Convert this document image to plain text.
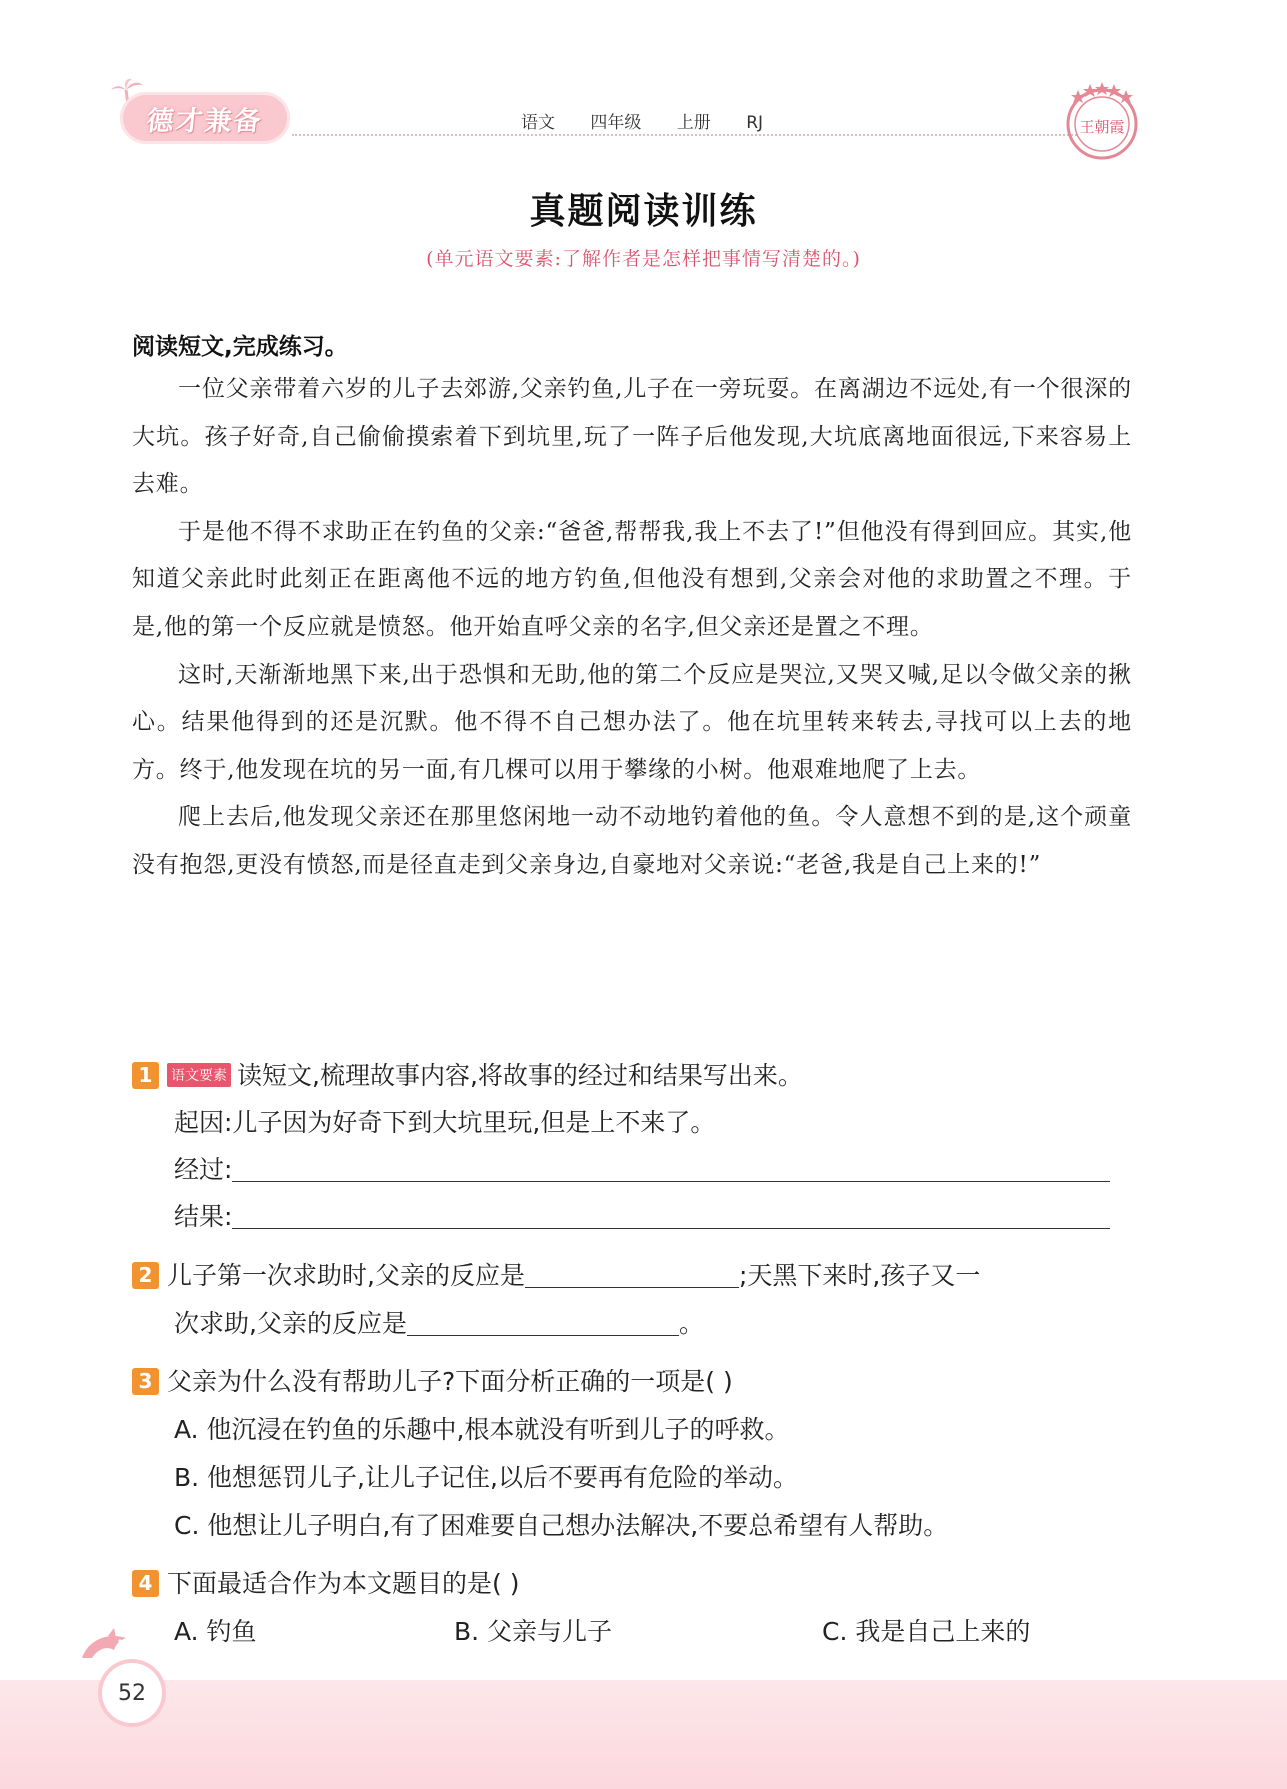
德才兼备	语文 四年级 上册 RJ	王朝霞
真题阅读训练
(单元语文要素:了解作者是怎样把事情写清楚的。)
阅读短文,完成练习。

一位父亲带着六岁的儿子去郊游,父亲钓鱼,儿子在一旁玩耍。在离湖边不远处,有一个很深的大坑。孩子好奇,自己偷偷摸索着下到坑里,玩了一阵子后他发现,大坑底离地面很远,下来容易上去难。

于是他不得不求助正在钓鱼的父亲:“爸爸,帮帮我,我上不去了!”但他没有得到回应。其实,他知道父亲此时此刻正在距离他不远的地方钓鱼,但他没有想到,父亲会对他的求助置之不理。于是,他的第一个反应就是愤怒。他开始直呼父亲的名字,但父亲还是置之不理。

这时,天渐渐地黑下来,出于恐惧和无助,他的第二个反应是哭泣,又哭又喊,足以令做父亲的揪心。结果他得到的还是沉默。他不得不自己想办法了。他在坑里转来转去,寻找可以上去的地方。终于,他发现在坑的另一面,有几棵可以用于攀缘的小树。他艰难地爬了上去。

爬上去后,他发现父亲还在那里悠闲地一动不动地钓着他的鱼。令人意想不到的是,这个顽童没有抱怨,更没有愤怒,而是径直走到父亲身边,自豪地对父亲说:“老爸,我是自己上来的!”

1 语文要素 读短文,梳理故事内容,将故事的经过和结果写出来。
起因:儿子因为好奇下到大坑里玩,但是上不来了。
经过:
结果:
2 儿子第一次求助时,父亲的反应是	;天黑下来时,孩子又一
次求助,父亲的反应是	。
3 父亲为什么没有帮助儿子?下面分析正确的一项是( )
A. 他沉浸在钓鱼的乐趣中,根本就没有听到儿子的呼救。
B. 他想惩罚儿子,让儿子记住,以后不要再有危险的举动。
C. 他想让儿子明白,有了困难要自己想办法解决,不要总希望有人帮助。
4 下面最适合作为本文题目的是( )
A. 钓鱼	B. 父亲与儿子	C. 我是自己上来的
52
